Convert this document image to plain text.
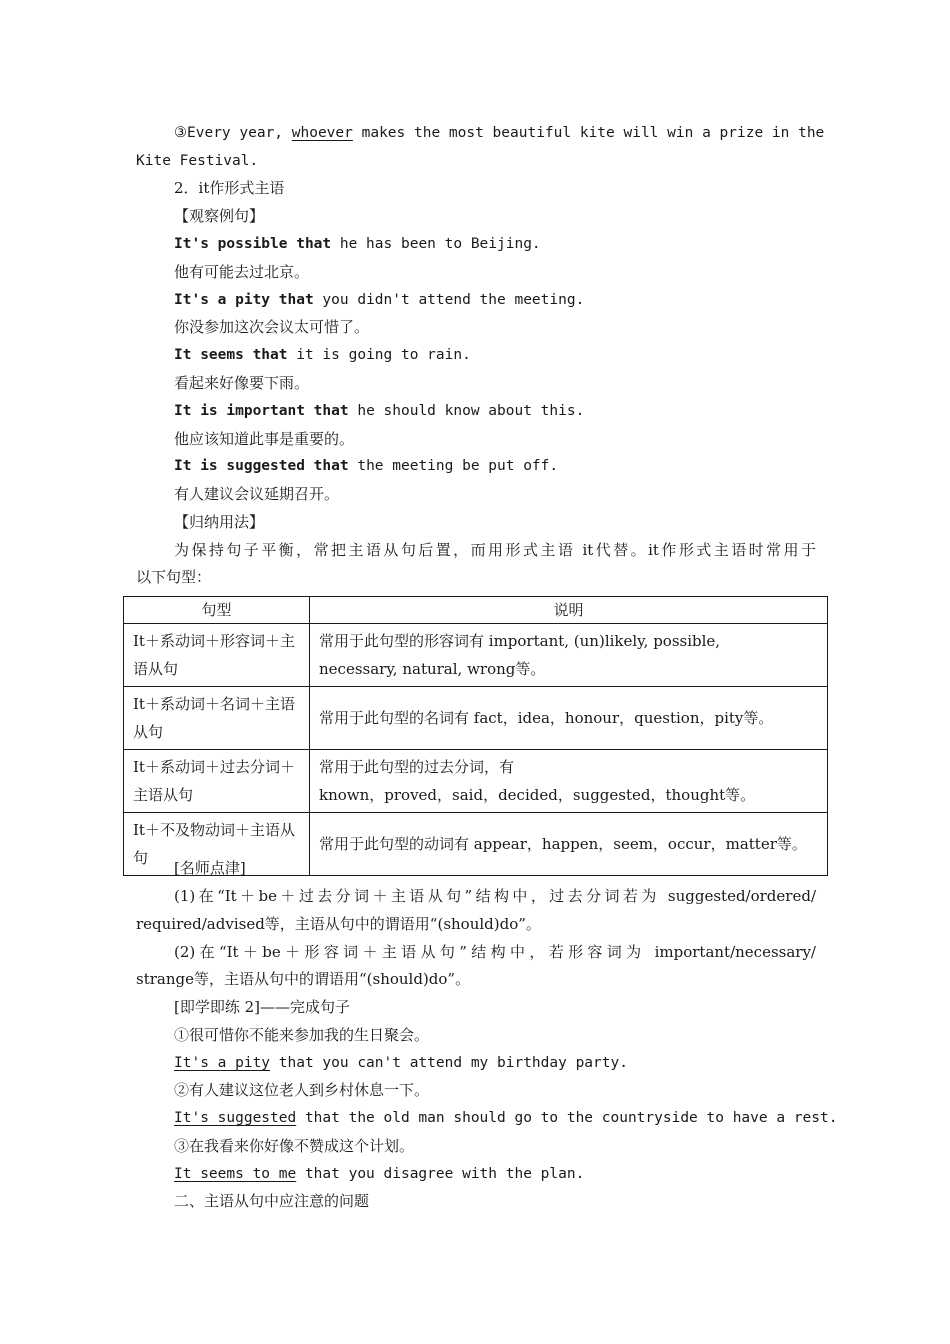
③Every year, whoever makes the most beautiful kite will win a prize in the
Kite Festival.
2．it作形式主语
【观察例句】
It's possible that he has been to Beijing.
他有可能去过北京。
It's a pity that you didn't attend the meeting.
你没参加这次会议太可惜了。
It seems that it is going to rain.
看起来好像要下雨。
It is important that he should know about this.
他应该知道此事是重要的。
It is suggested that the meeting be put off.
有人建议会议延期召开。
【归纳用法】
为保持句子平衡，常把主语从句后置，而用形式主语 it代替。it作形式主语时常用于
以下句型：
句型	说明
It＋系动词＋形容词＋主语从句	常用于此句型的形容词有 important, (un)likely, possible,
necessary, natural, wrong等。

It＋系动词＋名词＋主语从句	常用于此句型的名词有 fact，idea，honour，question，pity等。

It＋系动词＋过去分词＋主语从句	常用于此句型的过去分词，有
known，proved，said，decided，suggested，thought等。

It＋不及物动词＋主语从句	常用于此句型的动词有 appear，happen，seem，occur，matter等。
[名师点津]
(1)在“It＋be＋过去分词＋主语从句”结构中，过去分词若为 suggested/ordered/
required/advised等，主语从句中的谓语用“(should)do”。
(2)在“It＋be＋形容词＋主语从句”结构中，若形容词为 important/necessary/
strange等，主语从句中的谓语用“(should)do”。
[即学即练 2]——完成句子
①很可惜你不能来参加我的生日聚会。
It's a pity that you can't attend my birthday party.
②有人建议这位老人到乡村休息一下。
It's suggested that the old man should go to the countryside to have a rest.
③在我看来你好像不赞成这个计划。
It seems to me that you disagree with the plan.
二、主语从句中应注意的问题
